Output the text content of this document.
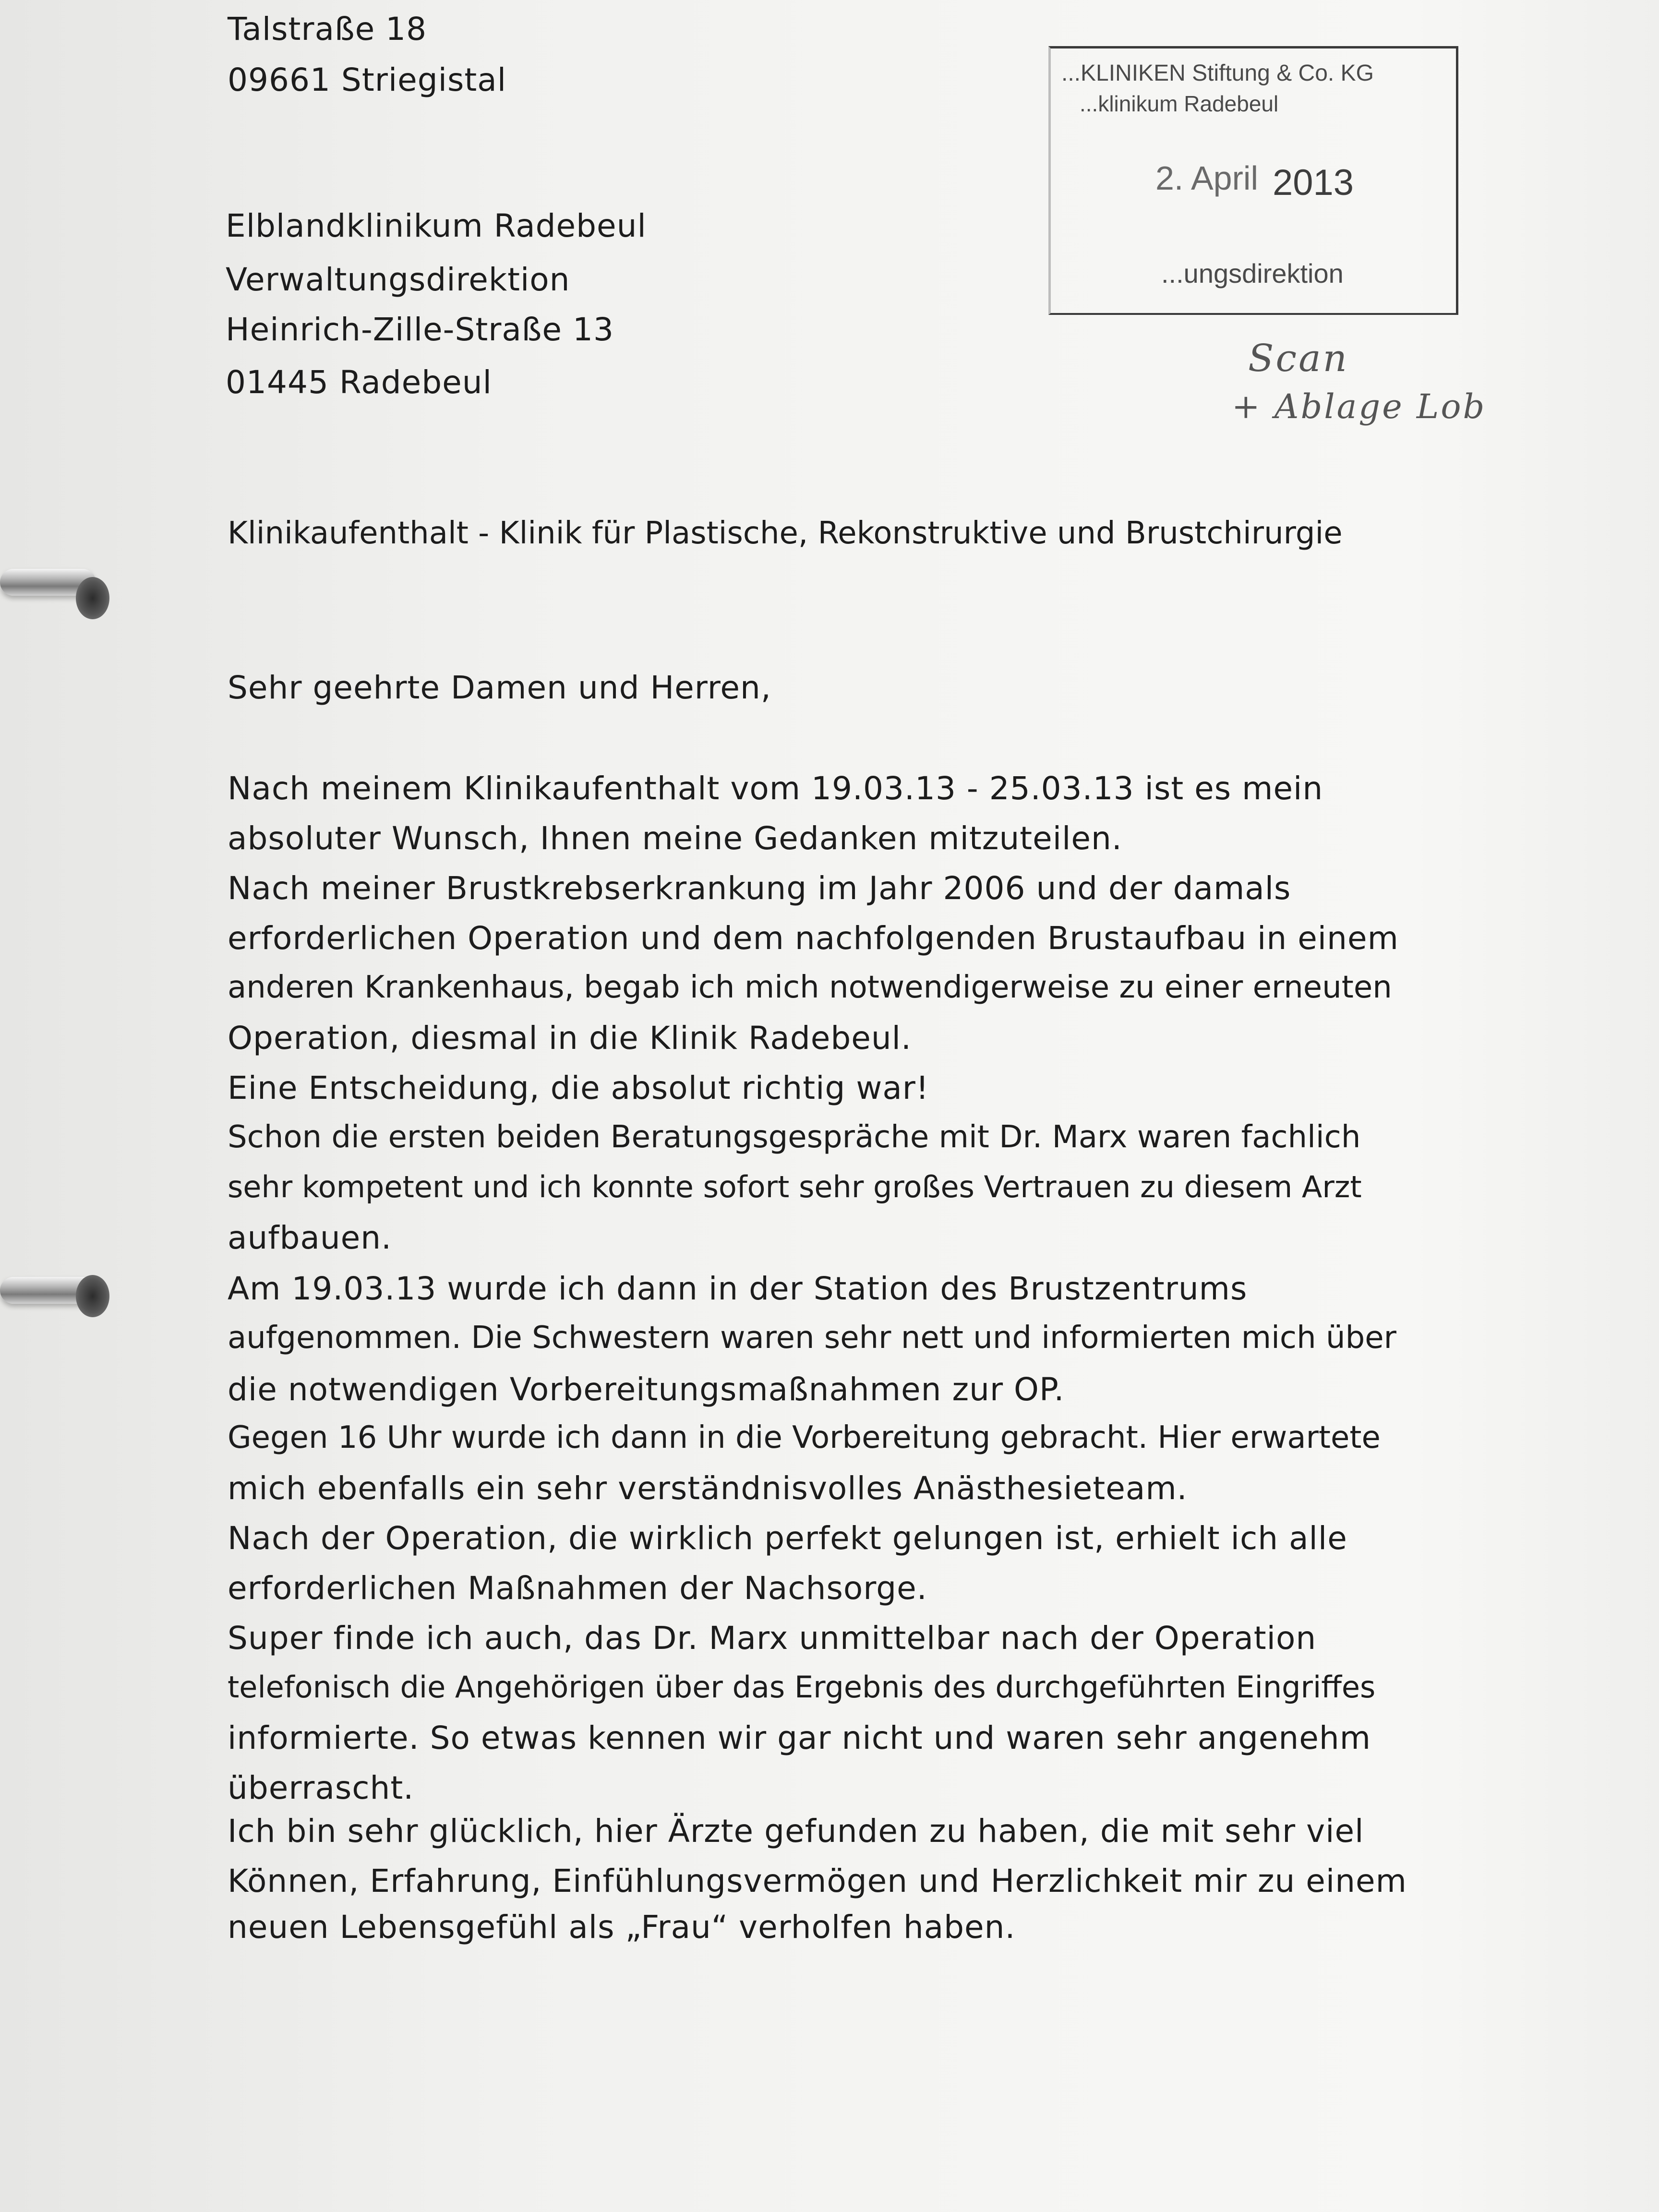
Talstraße 18
09661 Striegistal	...KLINIKEN Stiftung & Co. KG
...klinikum Radebeul
2. April 2013
...ungsdirektion
Scan
+ Ablage Lob
Elblandklinikum Radebeul
Verwaltungsdirektion
Heinrich-Zille-Straße 13
01445 Radebeul
Klinikaufenthalt - Klinik für Plastische, Rekonstruktive und Brustchirurgie
Sehr geehrte Damen und Herren,
Nach meinem Klinikaufenthalt vom 19.03.13 - 25.03.13 ist es mein
absoluter Wunsch, Ihnen meine Gedanken mitzuteilen.
Nach meiner Brustkrebserkrankung im Jahr 2006 und der damals
erforderlichen Operation und dem nachfolgenden Brustaufbau in einem
anderen Krankenhaus, begab ich mich notwendigerweise zu einer erneuten
Operation, diesmal in die Klinik Radebeul.
Eine Entscheidung, die absolut richtig war!
Schon die ersten beiden Beratungsgespräche mit Dr. Marx waren fachlich
sehr kompetent und ich konnte sofort sehr großes Vertrauen zu diesem Arzt
aufbauen.
Am 19.03.13 wurde ich dann in der Station des Brustzentrums
aufgenommen. Die Schwestern waren sehr nett und informierten mich über
die notwendigen Vorbereitungsmaßnahmen zur OP.
Gegen 16 Uhr wurde ich dann in die Vorbereitung gebracht. Hier erwartete
mich ebenfalls ein sehr verständnisvolles Anästhesieteam.
Nach der Operation, die wirklich perfekt gelungen ist, erhielt ich alle
erforderlichen Maßnahmen der Nachsorge.
Super finde ich auch, das Dr. Marx unmittelbar nach der Operation
telefonisch die Angehörigen über das Ergebnis des durchgeführten Eingriffes
informierte. So etwas kennen wir gar nicht und waren sehr angenehm
überrascht.
Ich bin sehr glücklich, hier Ärzte gefunden zu haben, die mit sehr viel
Können, Erfahrung, Einfühlungsvermögen und Herzlichkeit mir zu einem
neuen Lebensgefühl als „Frau“ verholfen haben.
